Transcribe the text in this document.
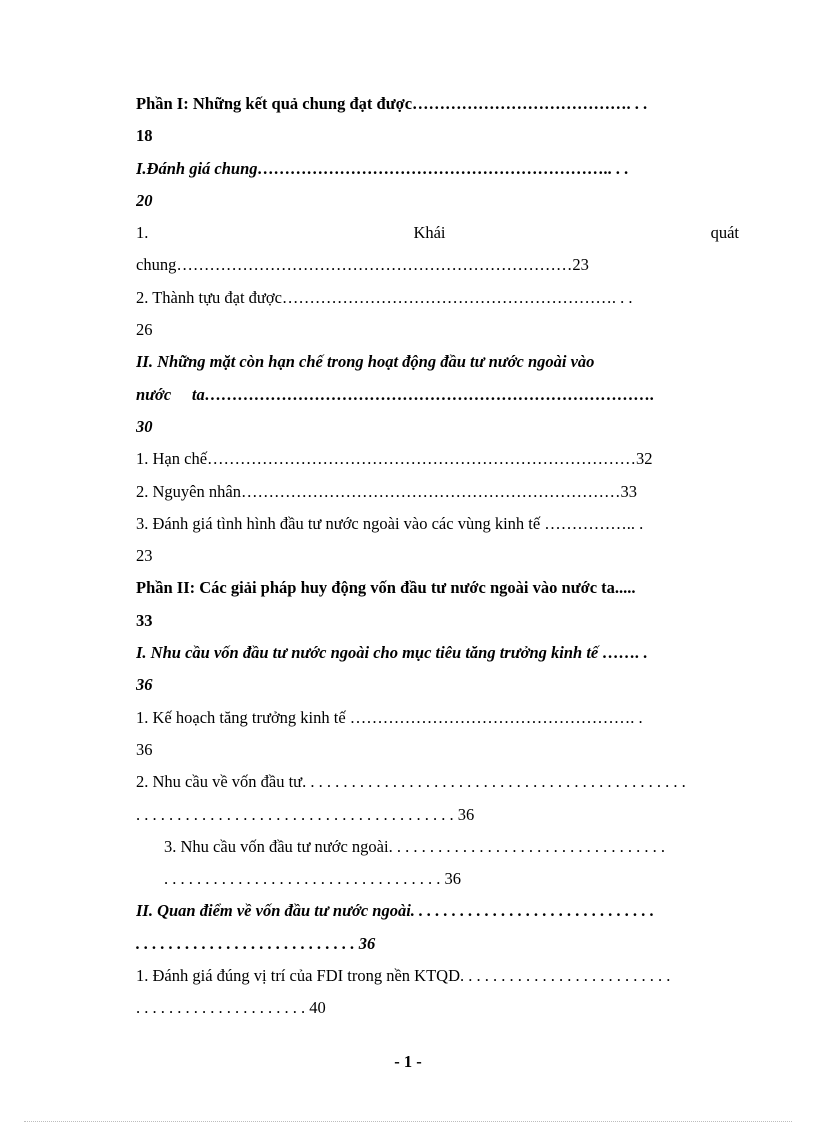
Phần I: Những kết quả chung đạt được…………………………………. . .
18
I.Đánh giá chung……………………………………………………….. . .
20
1.	Khái	quát
chung………………………………………………………………23
2. Thành tựu đạt được……………………………………………………. . .
26
II. Những mặt còn hạn chế trong hoạt động đầu tư nước ngoài vào
nước ta……………………………………………………………………….
30
1. Hạn chế……………………………………………………………………32
2. Nguyên nhân……………………………………………………………33
3. Đánh giá tình hình đầu tư nước ngoài vào các vùng kinh tế …………….. .
23
Phần II: Các giải pháp huy động vốn đầu tư nước ngoài vào nước ta.....
33
I. Nhu cầu vốn đầu tư nước ngoài cho mục tiêu tăng trưởng kinh tế ……. .
36
1. Kế hoạch tăng trưởng kinh tế ……………………………………………. .
36
2. Nhu cầu về vốn đầu tư. . . . . . . . . . . . . . . . . . . . . . . . . . . . . . . . . . . . . . . . . . . . . . .
. . . . . . . . . . . . . . . . . . . . . . . . . . . . . . . . . . . . . . . 36
3. Nhu cầu vốn đầu tư nước ngoài. . . . . . . . . . . . . . . . . . . . . . . . . . . . . . . . . .
. . . . . . . . . . . . . . . . . . . . . . . . . . . . . . . . . . 36
II. Quan điểm về vốn đầu tư nước ngoài. . . . . . . . . . . . . . . . . . . . . . . . . . . . . .
. . . . . . . . . . . . . . . . . . . . . . . . . . . 36
1. Đánh giá đúng vị trí của FDI trong nền KTQD. . . . . . . . . . . . . . . . . . . . . . . . . .
. . . . . . . . . . . . . . . . . . . . . 40
- 1 -
